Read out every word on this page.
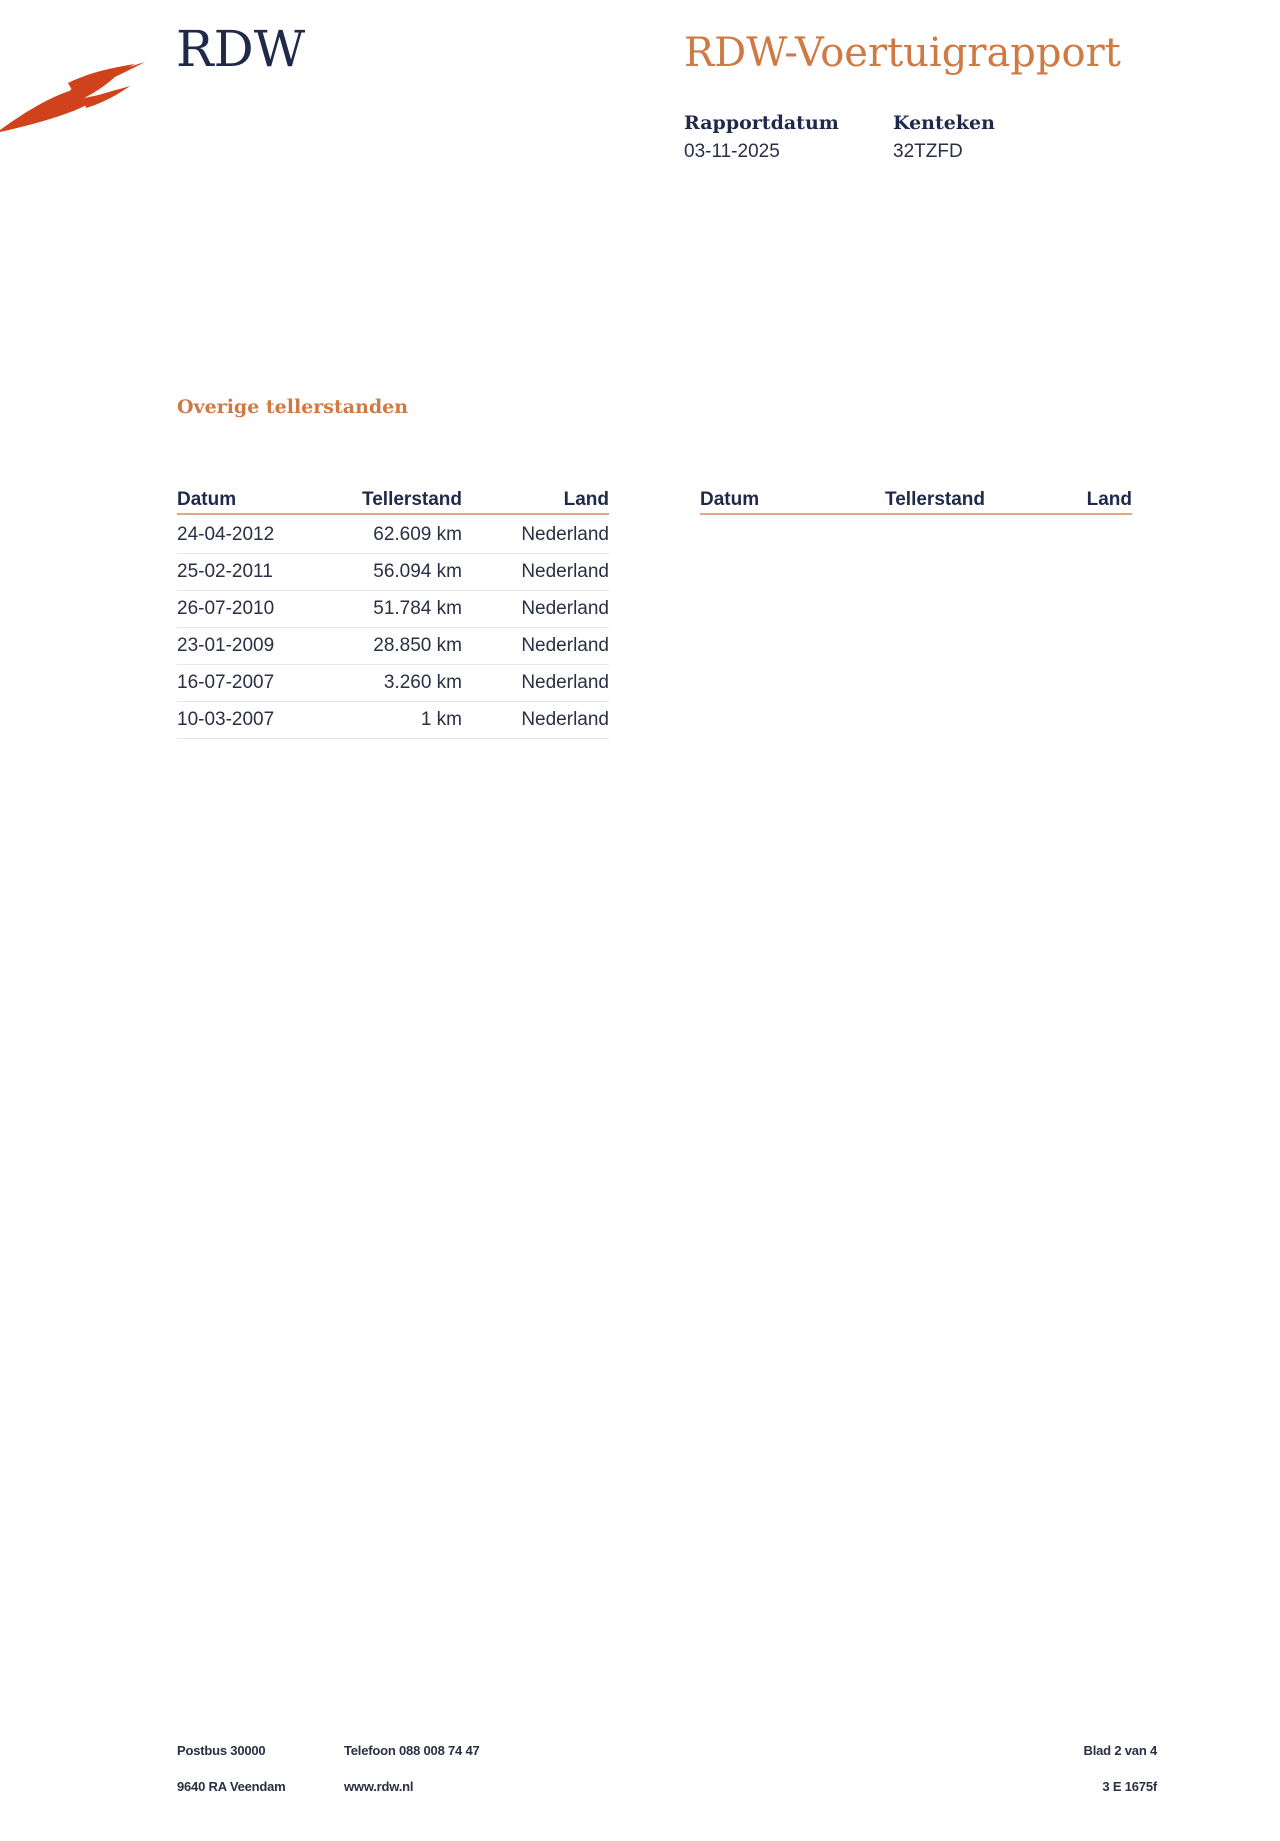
RDW	RDW-Voertuigrapport
Rapportdatum
03-11-2025
Kenteken
32TZFD
Overige tellerstanden
Datum	Tellerstand	Land
24-04-2012	62.609 km	Nederland
25-02-2011	56.094 km	Nederland
26-07-2010	51.784 km	Nederland
23-01-2009	28.850 km	Nederland
16-07-2007	3.260 km	Nederland
10-03-2007	1 km	Nederland
Datum	Tellerstand	Land
Postbus 30000
9640 RA Veendam
Telefoon 088 008 74 47
www.rdw.nl
Blad 2 van 4
3 E 1675f
